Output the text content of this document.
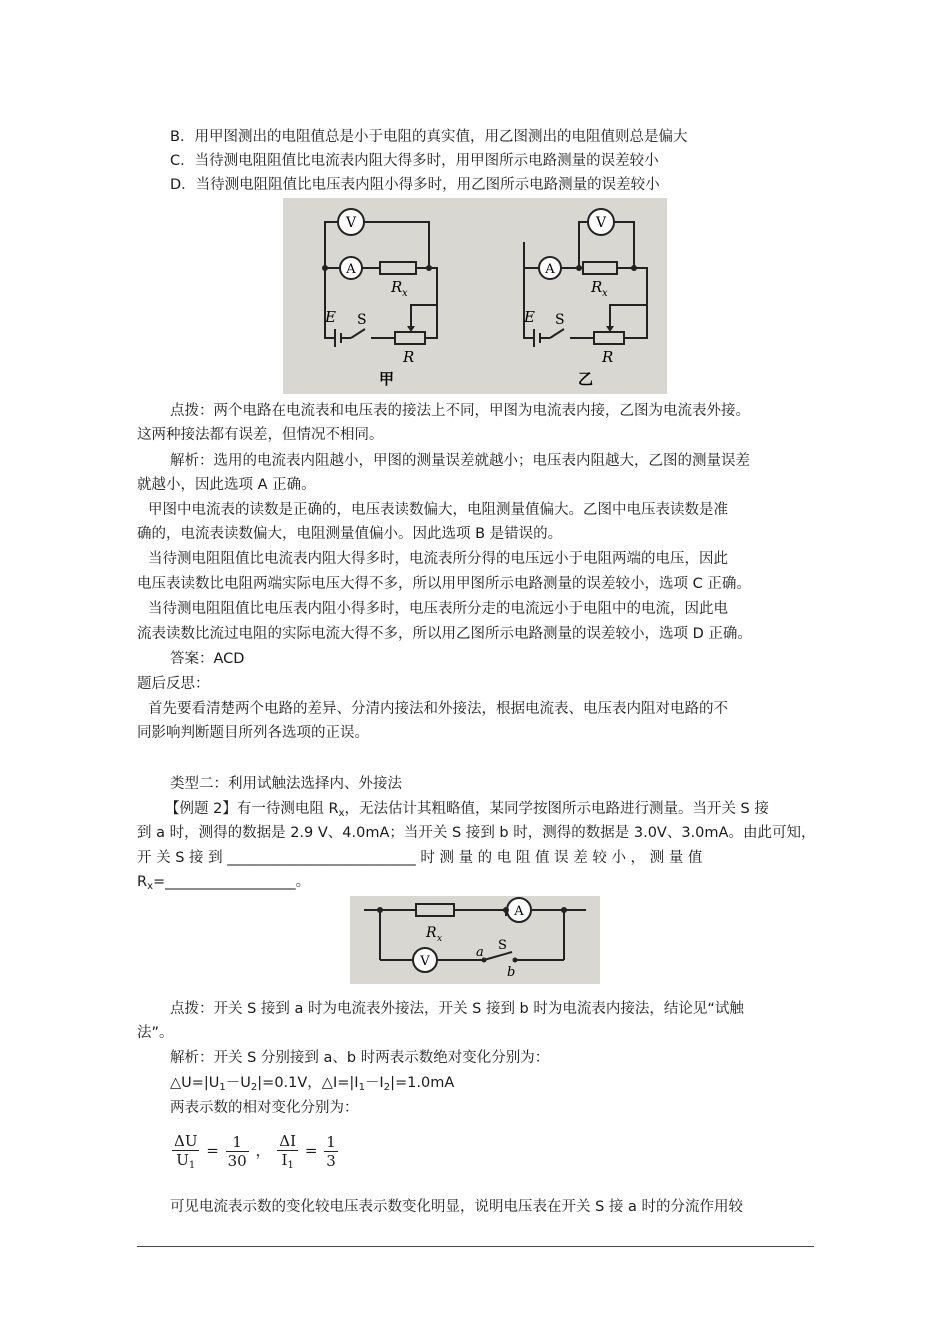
B．用甲图测出的电阻值总是小于电阻的真实值，用乙图测出的电阻值则总是偏大
C．当待测电阻阻值比电流表内阻大得多时，用甲图所示电路测量的误差较小
D．当待测电阻阻值比电压表内阻小得多时，用乙图所示电路测量的误差较小
V
A
V
A
R x	R x
E	E
S	S
R	R
甲	乙
点拨：两个电路在电流表和电压表的接法上不同，甲图为电流表内接，乙图为电流表外接。
这两种接法都有误差，但情况不相同。
解析：选用的电流表内阻越小，甲图的测量误差就越小；电压表内阻越大，乙图的测量误差
就越小，因此选项 A 正确。
甲图中电流表的读数是正确的，电压表读数偏大，电阻测量值偏大。乙图中电压表读数是准
确的，电流表读数偏大，电阻测量值偏小。因此选项 B 是错误的。
当待测电阻阻值比电流表内阻大得多时，电流表所分得的电压远小于电阻两端的电压，因此
电压表读数比电阻两端实际电压大得不多，所以用甲图所示电路测量的误差较小，选项 C 正确。
当待测电阻阻值比电压表内阻小得多时，电压表所分走的电流远小于电阻中的电流，因此电
流表读数比流过电阻的实际电流大得不多，所以用乙图所示电路测量的误差较小，选项 D 正确。
答案：ACD
题后反思：
首先要看清楚两个电路的差异、分清内接法和外接法，根据电流表、电压表内阻对电路的不
同影响判断题目所列各选项的正误。
类型二：利用试触法选择内、外接法
【例题 2】有一待测电阻 $R_x$，无法估计其粗略值，某同学按图所示电路进行测量。当开关 S 接
到 a 时，测得的数据是 2.9 V、4.0mA；当开关 S 接到 b 时，测得的数据是 3.0V、3.0mA。由此可知，
开 关 S 接 到 __________________________ 时 测 量 的 电 阻 值 误 差 较 小 ， 测 量 值
$R_x=\_\_\_\_\_\_\_\_\_\_\_\_\_\_\_\_\_\_$。
R x
A
V
a S
b
点拨：开关 S 接到 a 时为电流表外接法，开关 S 接到 b 时为电流表内接法，结论见“试触
法”。
解析：开关 S 分别接到 a、b 时两表示数绝对变化分别为：
$\triangle U=|U_1-U_2|=0.1V$，$\triangle I=|I_1-I_2|=1.0mA$
两表示数的相对变化分别为：
$\frac{\Delta U}{U_1} = \frac{1}{30}$ ， $\frac{\Delta I}{I_1} = \frac{1}{3}$
可见电流表示数的变化较电压表示数变化明显，说明电压表在开关 S 接 a 时的分流作用较
